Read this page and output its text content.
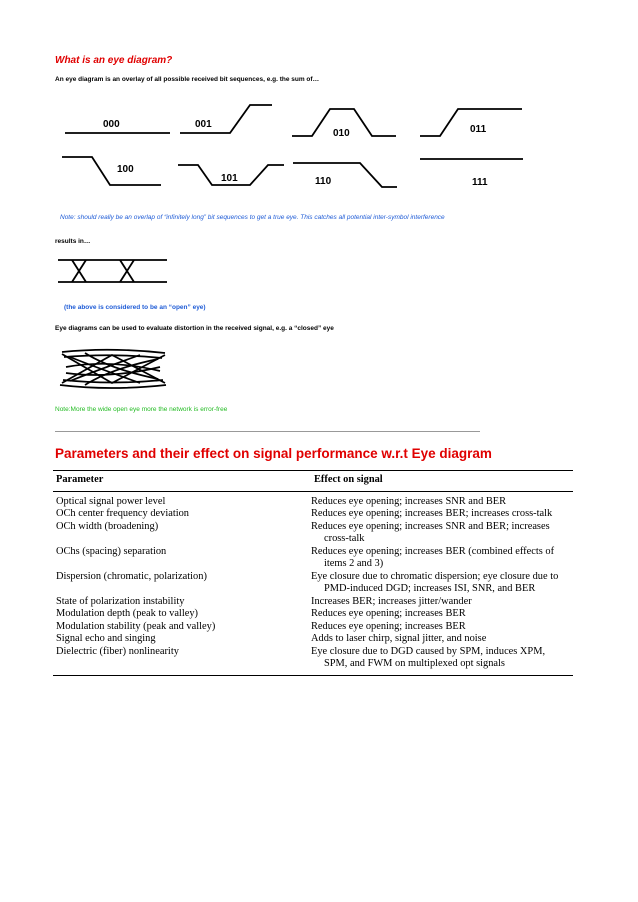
What is an eye diagram?
An eye diagram is an overlay of all possible received bit sequences, e.g. the sum of…
000	001
010	011
100
101	110	111
Note: should really be an overlap of “infinitely long” bit sequences to get a true eye. This catches all potential inter-symbol interference
results in…
(the above is considered to be an “open” eye)
Eye diagrams can be used to evaluate distortion in the received signal, e.g. a “closed” eye
Note:More the wide open eye more the network is error-free
Parameters and their effect on signal performance w.r.t Eye diagram
Parameter	Effect on signal
Optical signal power level	Reduces eye opening; increases SNR and BER
OCh center frequency deviation	Reduces eye opening; increases BER; increases cross-talk
OCh width (broadening)	Reduces eye opening; increases SNR and BER; increases cross-talk
OChs (spacing) separation	Reduces eye opening; increases BER (combined effects of items 2 and 3)
Dispersion (chromatic, polarization)	Eye closure due to chromatic dispersion; eye closure due to PMD-induced DGD; increases ISI, SNR, and BER
State of polarization instability	Increases BER; increases jitter/wander
Modulation depth (peak to valley)	Reduces eye opening; increases BER
Modulation stability (peak and valley)	Reduces eye opening; increases BER
Signal echo and singing	Adds to laser chirp, signal jitter, and noise
Dielectric (fiber) nonlinearity	Eye closure due to DGD caused by SPM, induces XPM, SPM, and FWM on multiplexed opt signals
